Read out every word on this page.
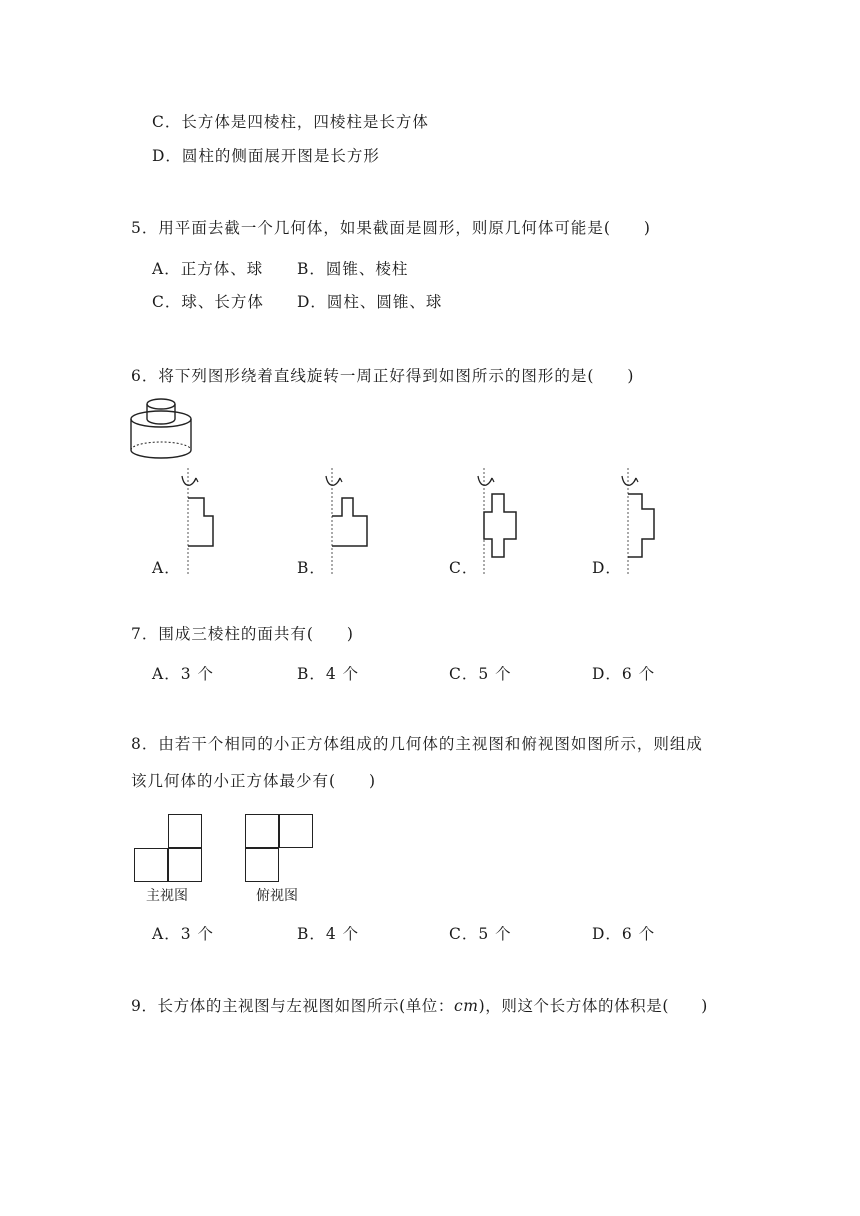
C．长方体是四棱柱，四棱柱是长方体
D．圆柱的侧面展开图是长方形
5．用平面去截一个几何体，如果截面是圆形，则原几何体可能是(　　)
A．正方体、球 B．圆锥、棱柱
C．球、长方体 D．圆柱、圆锥、球
6．将下列图形绕着直线旋转一周正好得到如图所示的图形的是(　　)
A．	B．	C．	D．
7．围成三棱柱的面共有(　　)
A．3 个	B．4 个	C．5 个	D．6 个
8．由若干个相同的小正方体组成的几何体的主视图和俯视图如图所示，则组成
该几何体的小正方体最少有(　　)
主视图	俯视图
A．3 个	B．4 个	C．5 个	D．6 个
9．长方体的主视图与左视图如图所示(单位：cm)，则这个长方体的体积是(　　)
